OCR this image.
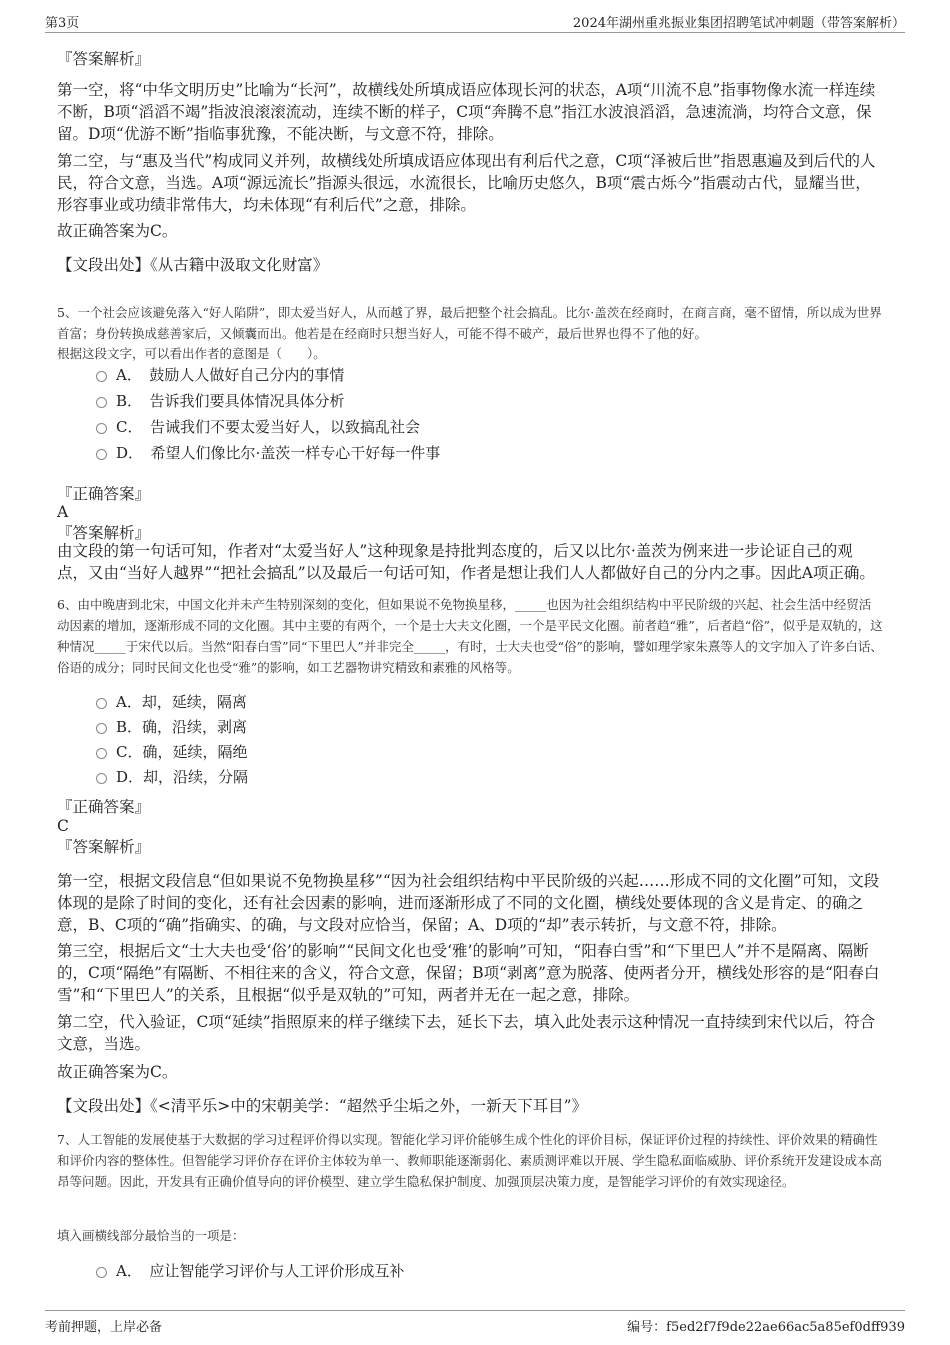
第3页	2024年湖州重兆振业集团招聘笔试冲刺题（带答案解析）
『答案解析』
第一空，将“中华文明历史”比喻为“长河”，故横线处所填成语应体现长河的状态，A项“川流不息”指事物像水流一样连续不断，B项“滔滔不竭”指波浪滚滚流动，连续不断的样子，C项“奔腾不息”指江水波浪滔滔，急速流淌，均符合文意，保留。D项“优游不断”指临事犹豫，不能决断，与文意不符，排除。
第二空，与“惠及当代”构成同义并列，故横线处所填成语应体现出有利后代之意，C项“泽被后世”指恩惠遍及到后代的人民，符合文意，当选。A项“源远流长”指源头很远，水流很长，比喻历史悠久，B项“震古烁今”指震动古代，显耀当世，形容事业或功绩非常伟大，均未体现“有利后代”之意，排除。
故正确答案为C。
【文段出处】《从古籍中汲取文化财富》
5、一个社会应该避免落入“好人陷阱”，即太爱当好人，从而越了界，最后把整个社会搞乱。比尔·盖茨在经商时，在商言商，毫不留情，所以成为世界首富；身份转换成慈善家后，又倾囊而出。他若是在经商时只想当好人，可能不得不破产，最后世界也得不了他的好。
根据这段文字，可以看出作者的意图是（　　）。
A．　鼓励人人做好自己分内的事情
B．　告诉我们要具体情况具体分析
C．　告诫我们不要太爱当好人，以致搞乱社会
D．　希望人们像比尔·盖茨一样专心干好每一件事
『正确答案』
A
『答案解析』
由文段的第一句话可知，作者对“太爱当好人”这种现象是持批判态度的，后又以比尔·盖茨为例来进一步论证自己的观点，又由“当好人越界”“把社会搞乱”以及最后一句话可知，作者是想让我们人人都做好自己的分内之事。因此A项正确。
6、由中晚唐到北宋，中国文化并未产生特别深刻的变化，但如果说不免物换星移，_____也因为社会组织结构中平民阶级的兴起、社会生活中经贸活动因素的增加，逐渐形成不同的文化圈。其中主要的有两个，一个是士大夫文化圈，一个是平民文化圈。前者趋“雅”，后者趋“俗”，似乎是双轨的，这种情况_____于宋代以后。当然“阳春白雪”同“下里巴人”并非完全_____，有时，士大夫也受“俗”的影响，譬如理学家朱熹等人的文字加入了许多白话、俗语的成分；同时民间文化也受“雅”的影响，如工艺器物讲究精致和素雅的风格等。
A．却，延续，隔离
B．确，沿续，剥离
C．确，延续，隔绝
D．却，沿续，分隔
『正确答案』
C
『答案解析』
第一空，根据文段信息“但如果说不免物换星移”“因为社会组织结构中平民阶级的兴起……形成不同的文化圈”可知，文段体现的是除了时间的变化，还有社会因素的影响，进而逐渐形成了不同的文化圈，横线处要体现的含义是肯定、的确之意，B、C项的“确”指确实、的确，与文段对应恰当，保留；A、D项的“却”表示转折，与文意不符，排除。
第三空，根据后文“士大夫也受‘俗’的影响”“民间文化也受‘雅’的影响”可知，“阳春白雪”和“下里巴人”并不是隔离、隔断的，C项“隔绝”有隔断、不相往来的含义，符合文意，保留；B项“剥离”意为脱落、使两者分开，横线处形容的是“阳春白雪”和“下里巴人”的关系，且根据“似乎是双轨的”可知，两者并无在一起之意，排除。
第二空，代入验证，C项“延续”指照原来的样子继续下去，延长下去，填入此处表示这种情况一直持续到宋代以后，符合文意，当选。
故正确答案为C。
【文段出处】《<清平乐>中的宋朝美学：“超然乎尘垢之外，一新天下耳目”》
7、人工智能的发展使基于大数据的学习过程评价得以实现。智能化学习评价能够生成个性化的评价目标，保证评价过程的持续性、评价效果的精确性和评价内容的整体性。但智能学习评价存在评价主体较为单一、教师职能逐渐弱化、素质测评难以开展、学生隐私面临威胁、评价系统开发建设成本高昂等问题。因此，开发具有正确价值导向的评价模型、建立学生隐私保护制度、加强顶层决策力度，是智能学习评价的有效实现途径。
填入画横线部分最恰当的一项是：
A．　应让智能学习评价与人工评价形成互补
考前押题，上岸必备	编号：f5ed2f7f9de22ae66ac5a85ef0dff939
